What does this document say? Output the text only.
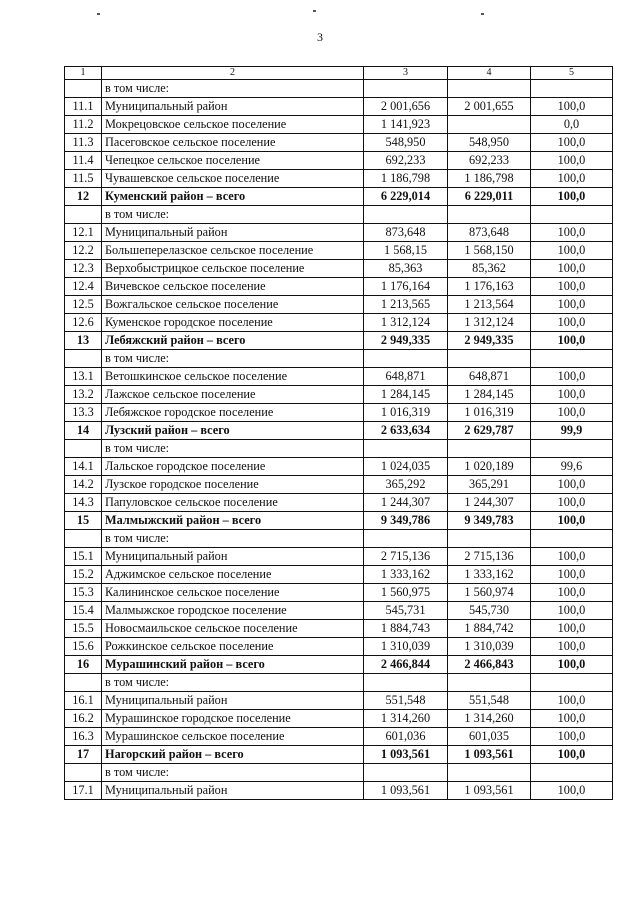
3
1	2	3	4	5
	в том числе:			
11.1	Муниципальный район	2 001,656	2 001,655	100,0
11.2	Мокрецовское сельское поселение	1 141,923		0,0
11.3	Пасеговское сельское поселение	548,950	548,950	100,0
11.4	Чепецкое сельское поселение	692,233	692,233	100,0
11.5	Чувашевское сельское поселение	1 186,798	1 186,798	100,0
12	Куменский район – всего	6 229,014	6 229,011	100,0
	в том числе:			
12.1	Муниципальный район	873,648	873,648	100,0
12.2	Большеперелазское сельское поселение	1 568,15	1 568,150	100,0
12.3	Верхобыстрицкое сельское поселение	85,363	85,362	100,0
12.4	Вичевское сельское поселение	1 176,164	1 176,163	100,0
12.5	Вожгальское сельское поселение	1 213,565	1 213,564	100,0
12.6	Куменское городское поселение	1 312,124	1 312,124	100,0
13	Лебяжский район – всего	2 949,335	2 949,335	100,0
	в том числе:			
13.1	Ветошкинское сельское поселение	648,871	648,871	100,0
13.2	Лажское сельское поселение	1 284,145	1 284,145	100,0
13.3	Лебяжское городское поселение	1 016,319	1 016,319	100,0
14	Лузский район – всего	2 633,634	2 629,787	99,9
	в том числе:			
14.1	Лальское городское поселение	1 024,035	1 020,189	99,6
14.2	Лузское городское поселение	365,292	365,291	100,0
14.3	Папуловское сельское поселение	1 244,307	1 244,307	100,0
15	Малмыжский район – всего	9 349,786	9 349,783	100,0
	в том числе:			
15.1	Муниципальный район	2 715,136	2 715,136	100,0
15.2	Аджимское сельское поселение	1 333,162	1 333,162	100,0
15.3	Калининское сельское поселение	1 560,975	1 560,974	100,0
15.4	Малмыжское городское поселение	545,731	545,730	100,0
15.5	Новосмаильское сельское поселение	1 884,743	1 884,742	100,0
15.6	Рожкинское сельское поселение	1 310,039	1 310,039	100,0
16	Мурашинский район – всего	2 466,844	2 466,843	100,0
	в том числе:			
16.1	Муниципальный район	551,548	551,548	100,0
16.2	Мурашинское городское поселение	1 314,260	1 314,260	100,0
16.3	Мурашинское сельское поселение	601,036	601,035	100,0
17	Нагорский район – всего	1 093,561	1 093,561	100,0
	в том числе:			
17.1	Муниципальный район	1 093,561	1 093,561	100,0
